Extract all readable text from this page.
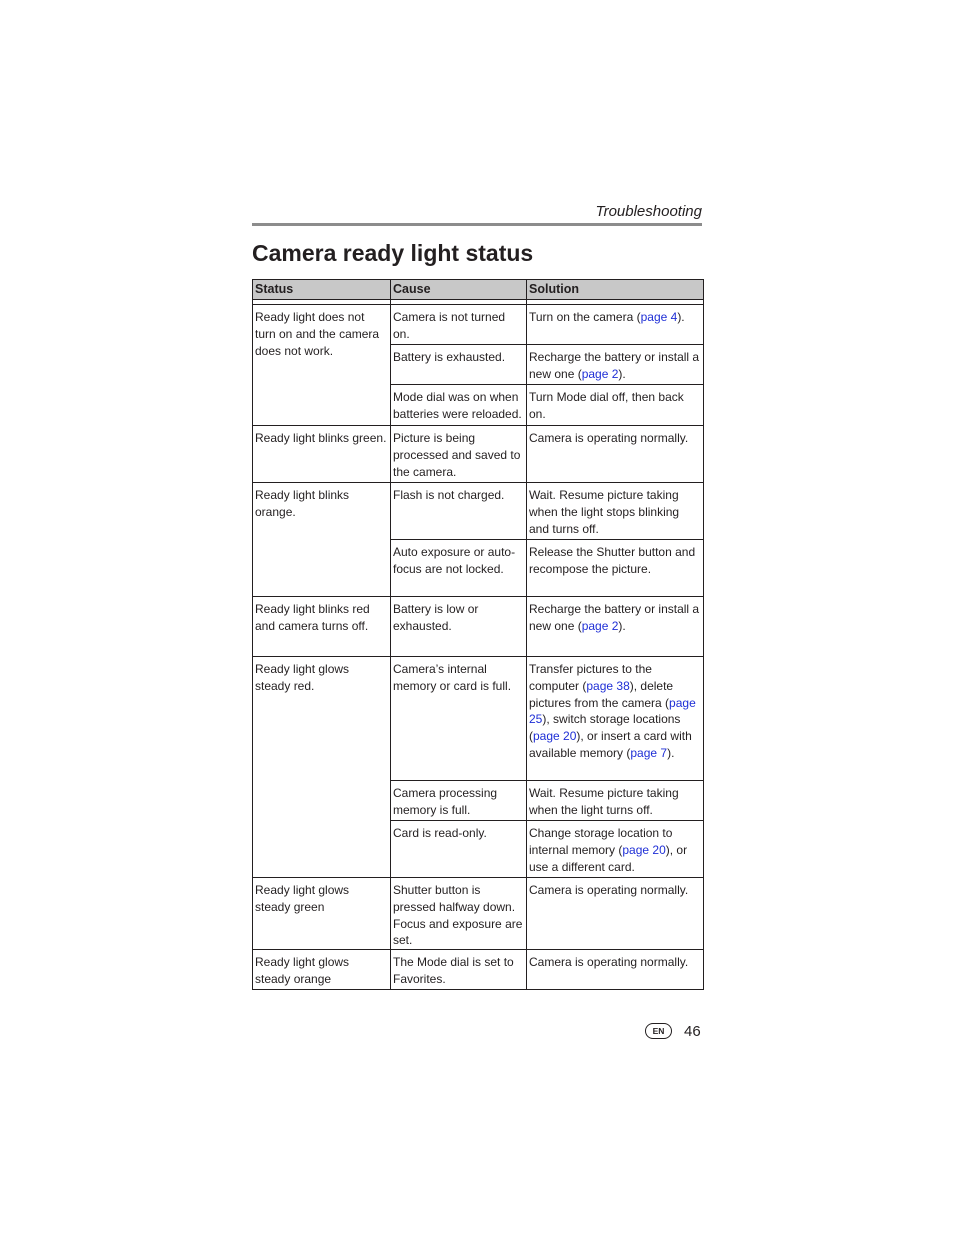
Troubleshooting
Camera ready light status
Status	Cause	Solution

Ready light does not turn on and the camera does not work.	Camera is not turned on.	Turn on the camera (page 4).
	Battery is exhausted.	Recharge the battery or install a new one (page 2).
	Mode dial was on when batteries were reloaded.	Turn Mode dial off, then back on.
Ready light blinks green.	Picture is being processed and saved to the camera.	Camera is operating normally.
Ready light blinks orange.	Flash is not charged.	Wait. Resume picture taking when the light stops blinking and turns off.
	Auto exposure or auto-focus are not locked.	Release the Shutter button and recompose the picture.
Ready light blinks red and camera turns off.	Battery is low or exhausted.	Recharge the battery or install a new one (page 2).
Ready light glows steady red.	Camera’s internal memory or card is full.	Transfer pictures to the computer (page 38), delete pictures from the camera (page 25), switch storage locations (page 20), or insert a card with available memory (page 7).
	Camera processing memory is full.	Wait. Resume picture taking when the light turns off.
	Card is read-only.	Change storage location to internal memory (page 20), or use a different card.
Ready light glows steady green	Shutter button is pressed halfway down. Focus and exposure are set.	Camera is operating normally.
Ready light glows steady orange	The Mode dial is set to Favorites.	Camera is operating normally.
EN	46
